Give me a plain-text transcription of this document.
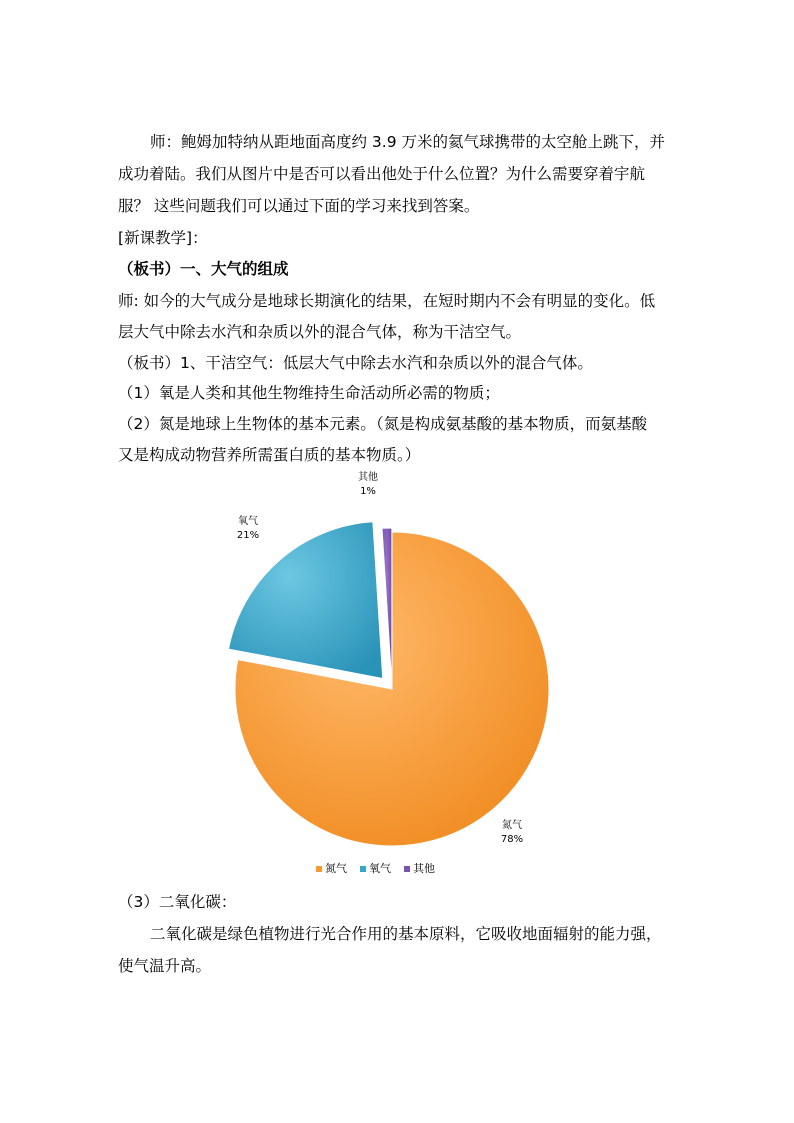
师：鲍姆加特纳从距地面高度约 3.9 万米的氦气球携带的太空舱上跳下，并
成功着陆。我们从图片中是否可以看出他处于什么位置？为什么需要穿着宇航
服？ 这些问题我们可以通过下面的学习来找到答案。
[新课教学]：
（板书）一、大气的组成
师: 如今的大气成分是地球长期演化的结果，在短时期内不会有明显的变化。低
层大气中除去水汽和杂质以外的混合气体，称为干洁空气。
（板书）1、干洁空气：低层大气中除去水汽和杂质以外的混合气体。
（1）氧是人类和其他生物维持生命活动所必需的物质；
（2）氮是地球上生物体的基本元素。（氮是构成氨基酸的基本物质，而氨基酸
又是构成动物营养所需蛋白质的基本物质。）
氮气
78%
氧气
21%
其他
1%
氮气 氧气 其他
（3）二氧化碳：
二氧化碳是绿色植物进行光合作用的基本原料，它吸收地面辐射的能力强，
使气温升高。
